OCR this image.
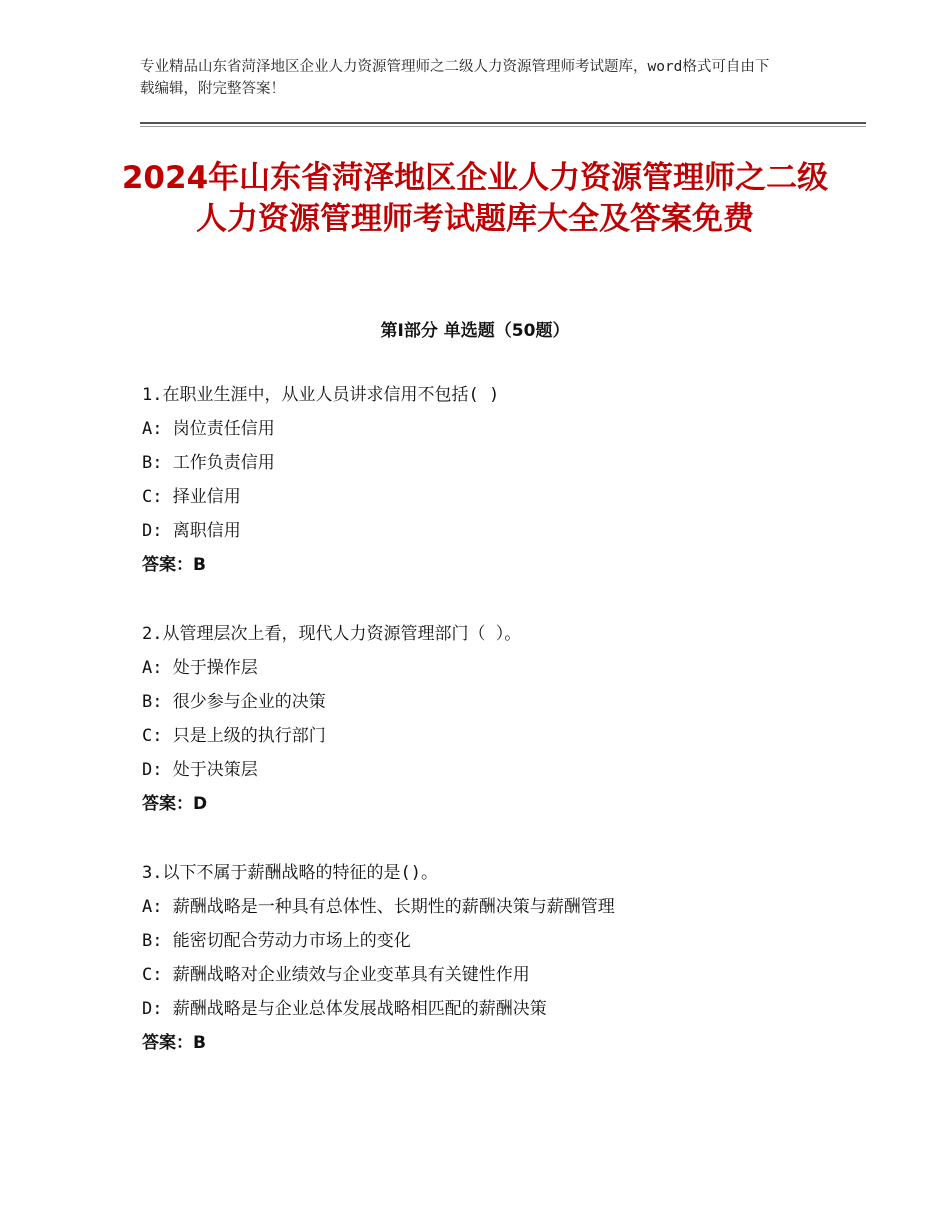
专业精品山东省菏泽地区企业人力资源管理师之二级人力资源管理师考试题库，word格式可自由下载编辑，附完整答案！
2024年山东省菏泽地区企业人力资源管理师之二级人力资源管理师考试题库大全及答案免费
第Ⅰ部分 单选题（50题）
1.在职业生涯中，从业人员讲求信用不包括( )
A: 岗位责任信用
B: 工作负责信用
C: 择业信用
D: 离职信用
答案：B
2.从管理层次上看，现代人力资源管理部门（ ）。
A: 处于操作层
B: 很少参与企业的决策
C: 只是上级的执行部门
D: 处于决策层
答案：D
3.以下不属于薪酬战略的特征的是()。
A: 薪酬战略是一种具有总体性、长期性的薪酬决策与薪酬管理
B: 能密切配合劳动力市场上的变化
C: 薪酬战略对企业绩效与企业变革具有关键性作用
D: 薪酬战略是与企业总体发展战略相匹配的薪酬决策
答案：B
